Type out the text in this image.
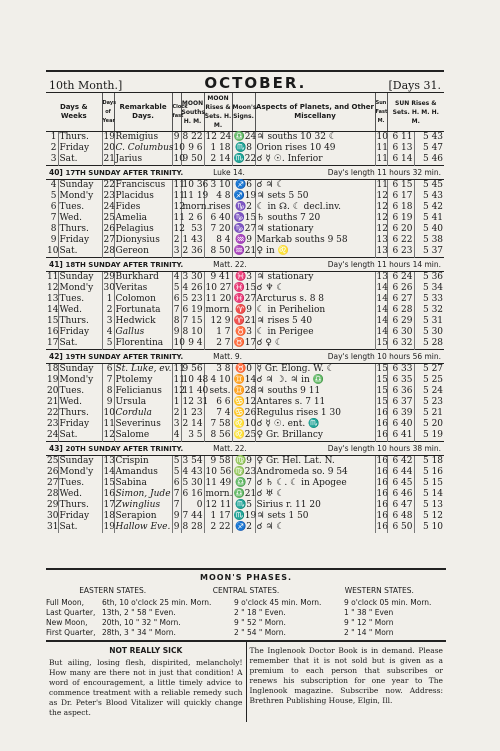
10th Month.]	OCTOBER.	[Days 31.
Days & Weeks		Days of Year	Remarkable Days.	Clock fast	MOON Souths. H. M.	MOON Rises & Sets. H. M.	Moon's Signs.	Aspects of Planets, and Other Miscellany	Sun Fast M.	SUN Rises & Sets. H. M. H. M.	
1	Thurs.	19	Remigius	9	8 22	12 24	♎24	♃ souths 10 32 ☾	10	6 11	5 43
2	Friday	20	C. Columbus	10	9 6	1 18	♏8	Orion rises 10 49	11	6 13	5 47
3	Sat.	21	Jarius	10	9 50	2 14	♏22	☌ ☿ ☉. Inferior	11	6 14	5 46
40] 17TH SUNDAY AFTER TRINITY. Luke 14. Day's length 11 hours 32 min.											

4	Sunday	22	Franciscus	11	10 36	3 10	♐6	☌ ♃ ☾	11	6 15	5 45
5	Mond'y	23	Placidus	11	11 19	4 8	♐19	♃ sets 5 50	12	6 17	5 43
6	Tues.	24	Fides	12	morn.	rises	♑2	☾ in ☊. ☾ decl.inv.	12	6 18	5 42
7	Wed.	25	Amelia	11	2 6	6 40	♑15	♄ souths 7 20	12	6 19	5 41
8	Thurs.	26	Pelagius	12	53	7 20	♑27	♃ stationary	12	6 20	5 40
9	Friday	27	Dionysius	2	1 43	8 4	♒9	Markab souths 9 58	13	6 22	5 38
10	Sat.	28	Gereon	3	2 36	8 50	♒21	♀ in ♌	13	6 23	5 37
41] 18TH SUNDAY AFTER TRINITY. Matt. 22. Day's length 11 hours 14 min.											

11	Sunday	29	Burkhard	4	3 30	9 41	♓3	♃ stationary	13	6 24	5 36
12	Mond'y	30	Veritas	5	4 26	10 27	♓15	☌ ♆ ☾	14	6 26	5 34
13	Tues.	1	Colomon	6	5 23	11 20	♓27	Arcturus s. 8 8	14	6 27	5 33
14	Wed.	2	Fortunata	7	6 19	morn.	♈9	☾ in Perihelion	14	6 28	5 32
15	Thurs.	3	Hedwick	8	7 15	12 9	♈21	♃ rises 5 40	14	6 29	5 31
16	Friday	4	Gallus	9	8 10	1 7	♉3	☾ in Perigee	14	6 30	5 30
17	Sat.	5	Florentina	10	9 4	2 7	♉17	☌ ♀ ☾	15	6 32	5 28
42] 19TH SUNDAY AFTER TRINITY. Matt. 9. Day's length 10 hours 56 min.											

18	Sunday	6	St. Luke, ev.	11	9 56	3 8	♉0	☿ Gr. Elong. W. ☾	15	6 33	5 27
19	Mond'y	7	Ptolemy	11	10 48	4 10	♊14	☌ ♃ ☽. ♃ in ♎	15	6 35	5 25
20	Tues.	8	Felicianus	12	11 40	sets.	♊28	♃ souths 9 11	15	6 36	5 24
21	Wed.	9	Ursula	1	12 31	6 6	♋12	Antares s. 7 11	15	6 37	5 23
22	Thurs.	10	Cordula	2	1 23	7 4	♋26	Regulus rises 1 30	16	6 39	5 21
23	Friday	11	Severinus	3	2 14	7 58	♌10	☌ ☿ ☉. ent. ♏	16	6 40	5 20
24	Sat.	12	Salome	4	3 5	8 56	♌25	♀ Gr. Brillancy	16	6 41	5 19
43] 20TH SUNDAY AFTER TRINITY. Matt. 22. Day's length 10 hours 38 min.											

25	Sunday	13	Crispin	5	3 54	9 58	♍9	♀ Gr. Hel. Lat. N.	16	6 42	5 18
26	Mond'y	14	Amandus	5	4 43	10 56	♍23	Andromeda so. 9 54	16	6 44	5 16
27	Tues.	15	Sabina	6	5 30	11 49	♎7	☌ ♄ ☾. ☾ in Apogee	16	6 45	5 15
28	Wed.	16	Simon, Jude	7	6 16	morn.	♎21	☌ ♅ ☾	16	6 46	5 14
29	Thurs.	17	Zwinglius	7	0	12 11	♏5	Sirius r. 11 20	16	6 47	5 13
30	Friday	18	Serapion	9	7 44	1 17	♏19	♃ sets 1 50	16	6 48	5 12
31	Sat.	19	Hallow Eve.	9	8 28	2 22	♐2	☌ ♃ ☾	16	6 50	5 10
MOON'S PHASES.
EASTERN STATES.	CENTRAL STATES.	WESTERN STATES.
Full Moon, 6th, 10 o'clock 25 min. Morn.	9 o'clock 45 min. Morn.	9 o'clock 05 min. Morn.
Last Quarter, 13th, 2 " 58 " Even.	2 " 18 " Even.	1 " 38 " Even
New Moon, 20th, 10 " 32 " Morn.	9 " 52 " Morn.	9 " 12 " Morn
First Quarter, 28th, 3 " 34 " Morn.	2 " 54 " Morn.	2 " 14 " Morn
NOT REALLY SICK
But ailing, losing flesh, dispirited, melancholy! How many are there not in just that condition! A word of encouragement, a little timely advice to commence treatment with a reliable remedy such as Dr. Peter's Blood Vitalizer will quickly change the aspect.
The Inglenook Doctor Book is in demand. Please remember that it is not sold but is given as a premium to each person that subscribes or renews his subscription for one year to The Inglenook magazine. Subscribe now. Address: Brethren Publishing House, Elgin, Ill.
